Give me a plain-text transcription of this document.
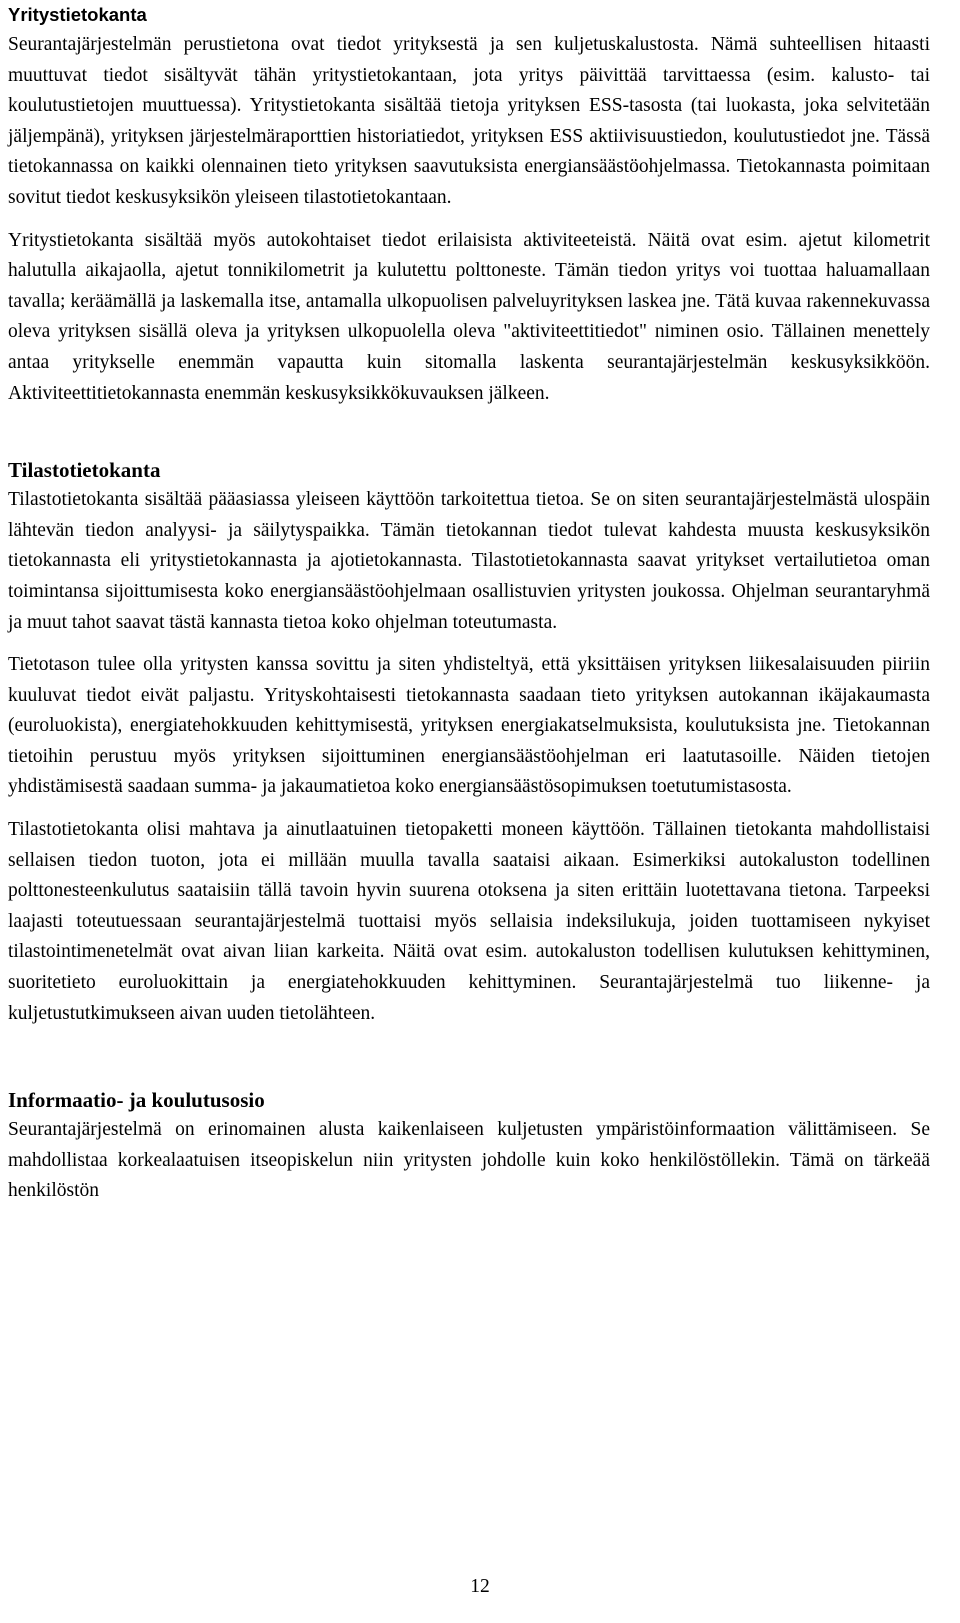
Yritystietokanta

Seurantajärjestelmän perustietona ovat tiedot yrityksestä ja sen kuljetuskalustosta. Nämä suhteellisen hitaasti muuttuvat tiedot sisältyvät tähän yritystietokantaan, jota yritys päivittää tarvittaessa (esim. kalusto- tai koulutustietojen muuttuessa). Yritystietokanta sisältää tietoja yrityksen ESS-tasosta (tai luokasta, joka selvitetään jäljempänä), yrityksen järjestelmäraporttien historiatiedot, yrityksen ESS aktiivisuustiedon, koulutustiedot jne. Tässä tietokannassa on kaikki olennainen tieto yrityksen saavutuksista energiansäästöohjelmassa. Tietokannasta poimitaan sovitut tiedot keskusyksikön yleiseen tilastotietokantaan.

Yritystietokanta sisältää myös autokohtaiset tiedot erilaisista aktiviteeteistä. Näitä ovat esim. ajetut kilometrit halutulla aikajaolla, ajetut tonnikilometrit ja kulutettu polttoneste. Tämän tiedon yritys voi tuottaa haluamallaan tavalla; keräämällä ja laskemalla itse, antamalla ulkopuolisen palveluyrityksen laskea jne. Tätä kuvaa rakennekuvassa oleva yrityksen sisällä oleva ja yrityksen ulkopuolella oleva "aktiviteettitiedot" niminen osio. Tällainen menettely antaa yritykselle enemmän vapautta kuin sitomalla laskenta seurantajärjestelmän keskusyksikköön. Aktiviteettitietokannasta enemmän keskusyksikkökuvauksen jälkeen.

Tilastotietokanta

Tilastotietokanta sisältää pääasiassa yleiseen käyttöön tarkoitettua tietoa. Se on siten seurantajärjestelmästä ulospäin lähtevän tiedon analyysi- ja säilytyspaikka. Tämän tietokannan tiedot tulevat kahdesta muusta keskusyksikön tietokannasta eli yritystietokannasta ja ajotietokannasta. Tilastotietokannasta saavat yritykset vertailutietoa oman toimintansa sijoittumisesta koko energiansäästöohjelmaan osallistuvien yritysten joukossa. Ohjelman seurantaryhmä ja muut tahot saavat tästä kannasta tietoa koko ohjelman toteutumasta.

Tietotason tulee olla yritysten kanssa sovittu ja siten yhdisteltyä, että yksittäisen yrityksen liikesalaisuuden piiriin kuuluvat tiedot eivät paljastu. Yrityskohtaisesti tietokannasta saadaan tieto yrityksen autokannan ikäjakaumasta (euroluokista), energiatehokkuuden kehittymisestä, yrityksen energiakatselmuksista, koulutuksista jne. Tietokannan tietoihin perustuu myös yrityksen sijoittuminen energiansäästöohjelman eri laatutasoille. Näiden tietojen yhdistämisestä saadaan summa- ja jakaumatietoa koko energiansäästösopimuksen toetutumistasosta.

Tilastotietokanta olisi mahtava ja ainutlaatuinen tietopaketti moneen käyttöön. Tällainen tietokanta mahdollistaisi sellaisen tiedon tuoton, jota ei millään muulla tavalla saataisi aikaan. Esimerkiksi autokaluston todellinen polttonesteenkulutus saataisiin tällä tavoin hyvin suurena otoksena ja siten erittäin luotettavana tietona. Tarpeeksi laajasti toteutuessaan seurantajärjestelmä tuottaisi myös sellaisia indeksilukuja, joiden tuottamiseen nykyiset tilastointimenetelmät ovat aivan liian karkeita. Näitä ovat esim. autokaluston todellisen kulutuksen kehittyminen, suoritetieto euroluokittain ja energiatehokkuuden kehittyminen. Seurantajärjestelmä tuo liikenne- ja kuljetustutkimukseen aivan uuden tietolähteen.

Informaatio- ja koulutusosio

Seurantajärjestelmä on erinomainen alusta kaikenlaiseen kuljetusten ympäristöinformaation välittämiseen. Se mahdollistaa korkealaatuisen itseopiskelun niin yritysten johdolle kuin koko henkilöstöllekin. Tämä on tärkeää henkilöstön

12
